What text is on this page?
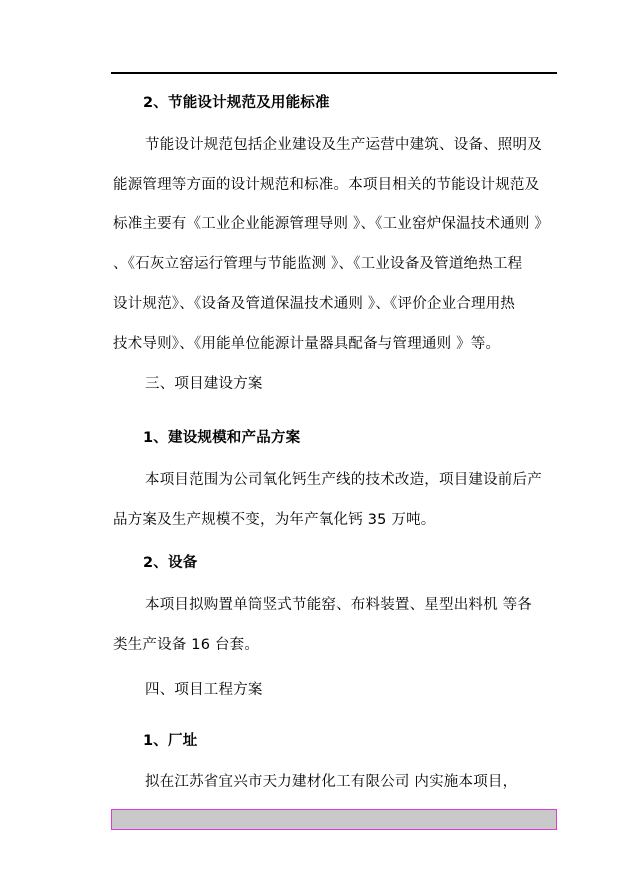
2、节能设计规范及用能标准
节能设计规范包括企业建设及生产运营中建筑、设备、照明及
能源管理等方面的设计规范和标准。本项目相关的节能设计规范及
标准主要有《工业企业能源管理导则 》、《工业窑炉保温技术通则 》
、《石灰立窑运行管理与节能监测 》、《工业设备及管道绝热工程
设计规范》、《设备及管道保温技术通则 》、《评价企业合理用热
技术导则》、《用能单位能源计量器具配备与管理通则 》等。
三、项目建设方案
1、建设规模和产品方案
本项目范围为公司氧化钙生产线的技术改造，项目建设前后产
品方案及生产规模不变，为年产氧化钙 35 万吨。
2、设备
本项目拟购置单筒竖式节能窑、布料装置、星型出料机 等各
类生产设备 16 台套。
四、项目工程方案
1、厂址
拟在江苏省宜兴市天力建材化工有限公司 内实施本项目，
